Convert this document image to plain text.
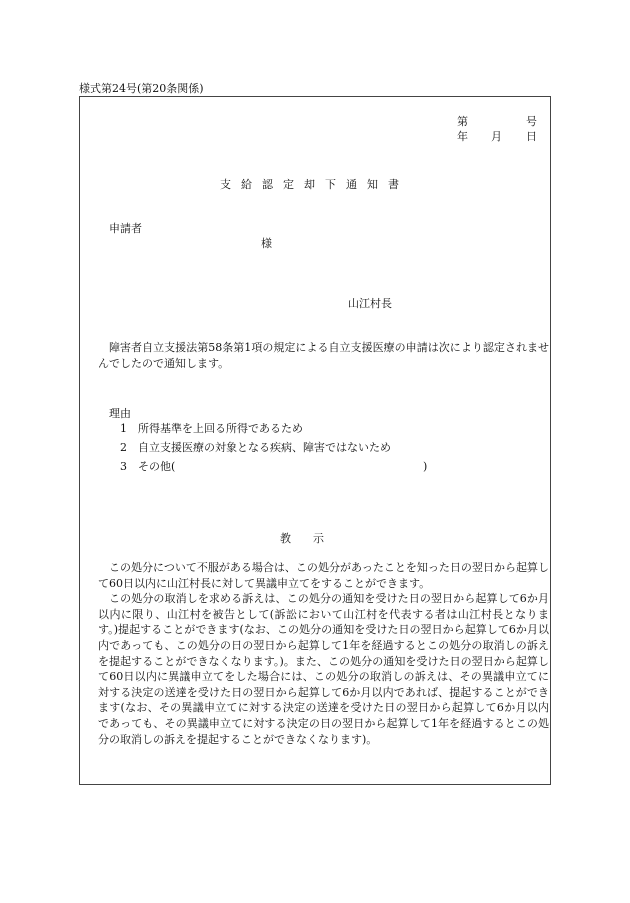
様式第24号(第20条関係)
第	号
年 月 日
支給認定却下通知書
申請者
様
山江村長

障害者自立支援法第58条第1項の規定による自立支援医療の申請は次により認定されませんでしたので通知します。

理由
1 所得基準を上回る所得であるため
2 自立支援医療の対象となる疾病、障害ではないため
3 その他(	)
教　　示

この処分について不服がある場合は、この処分があったことを知った日の翌日から起算して60日以内に山江村長に対して異議申立てをすることができます。

この処分の取消しを求める訴えは、この処分の通知を受けた日の翌日から起算して6か月以内に限り、山江村を被告として(訴訟において山江村を代表する者は山江村長となります。)提起することができます(なお、この処分の通知を受けた日の翌日から起算して6か月以内であっても、この処分の日の翌日から起算して1年を経過するとこの処分の取消しの訴えを提起することができなくなります。)。また、この処分の通知を受けた日の翌日から起算して60日以内に異議申立てをした場合には、この処分の取消しの訴えは、その異議申立てに対する決定の送達を受けた日の翌日から起算して6か月以内であれば、提起することができます(なお、その異議申立てに対する決定の送達を受けた日の翌日から起算して6か月以内であっても、その異議申立てに対する決定の日の翌日から起算して1年を経過するとこの処分の取消しの訴えを提起することができなくなります)。
